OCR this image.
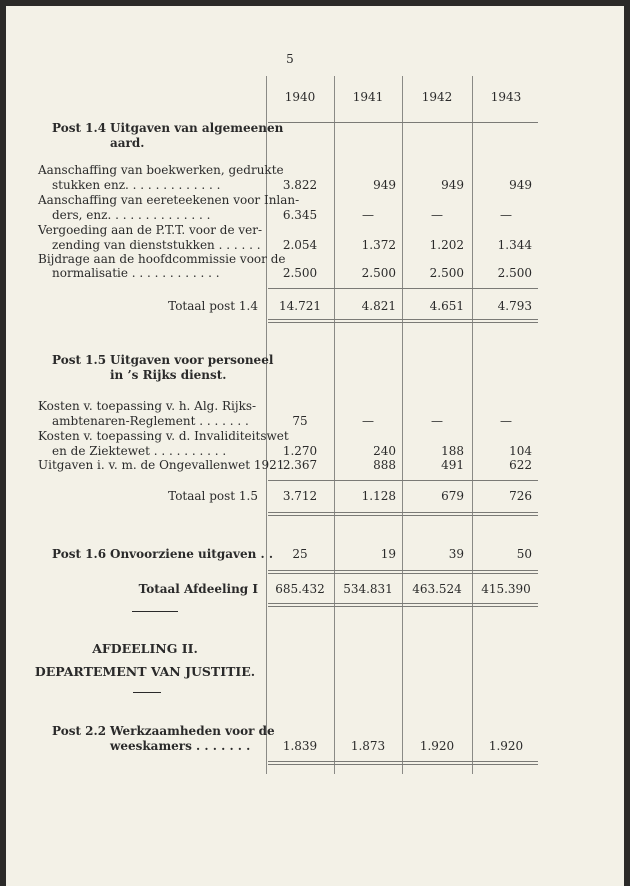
5
1940	1941	1942	1943
Post 1.4 Uitgaven van algemeenen
aard.
Aanschaffing van boekwerken, gedrukte
stukken enz. . . . . . . . . . . . .	3.822	949	949	949
Aanschaffing van eereteekenen voor Inlan-
ders, enz. . . . . . . . . . . . . .	6.345	—	—	—
Vergoeding aan de P.T.T. voor de ver-
zending van dienststukken . . . . . .	2.054	1.372	1.202	1.344
Bijdrage aan de hoofdcommissie voor de
normalisatie . . . . . . . . . . . .	2.500	2.500	2.500	2.500
Totaal post 1.4	14.721	4.821	4.651	4.793
Post 1.5 Uitgaven voor personeel
in ’s Rijks dienst.
Kosten v. toepassing v. h. Alg. Rijks-
ambtenaren-Reglement . . . . . . .	75	—	—	—
Kosten v. toepassing v. d. Invaliditeitswet
en de Ziektewet . . . . . . . . . .	1.270	240	188	104
Uitgaven i. v. m. de Ongevallenwet 1921
2.367	888	491	622
Totaal post 1.5	3.712	1.128	679	726
Post 1.6 Onvoorziene uitgaven . .	25	19	39	50
Totaal Afdeeling I	685.432	534.831	463.524	415.390
AFDEELING II.
DEPARTEMENT VAN JUSTITIE.
Post 2.2 Werkzaamheden voor de
weeskamers . . . . . . .	1.839	1.873	1.920	1.920
